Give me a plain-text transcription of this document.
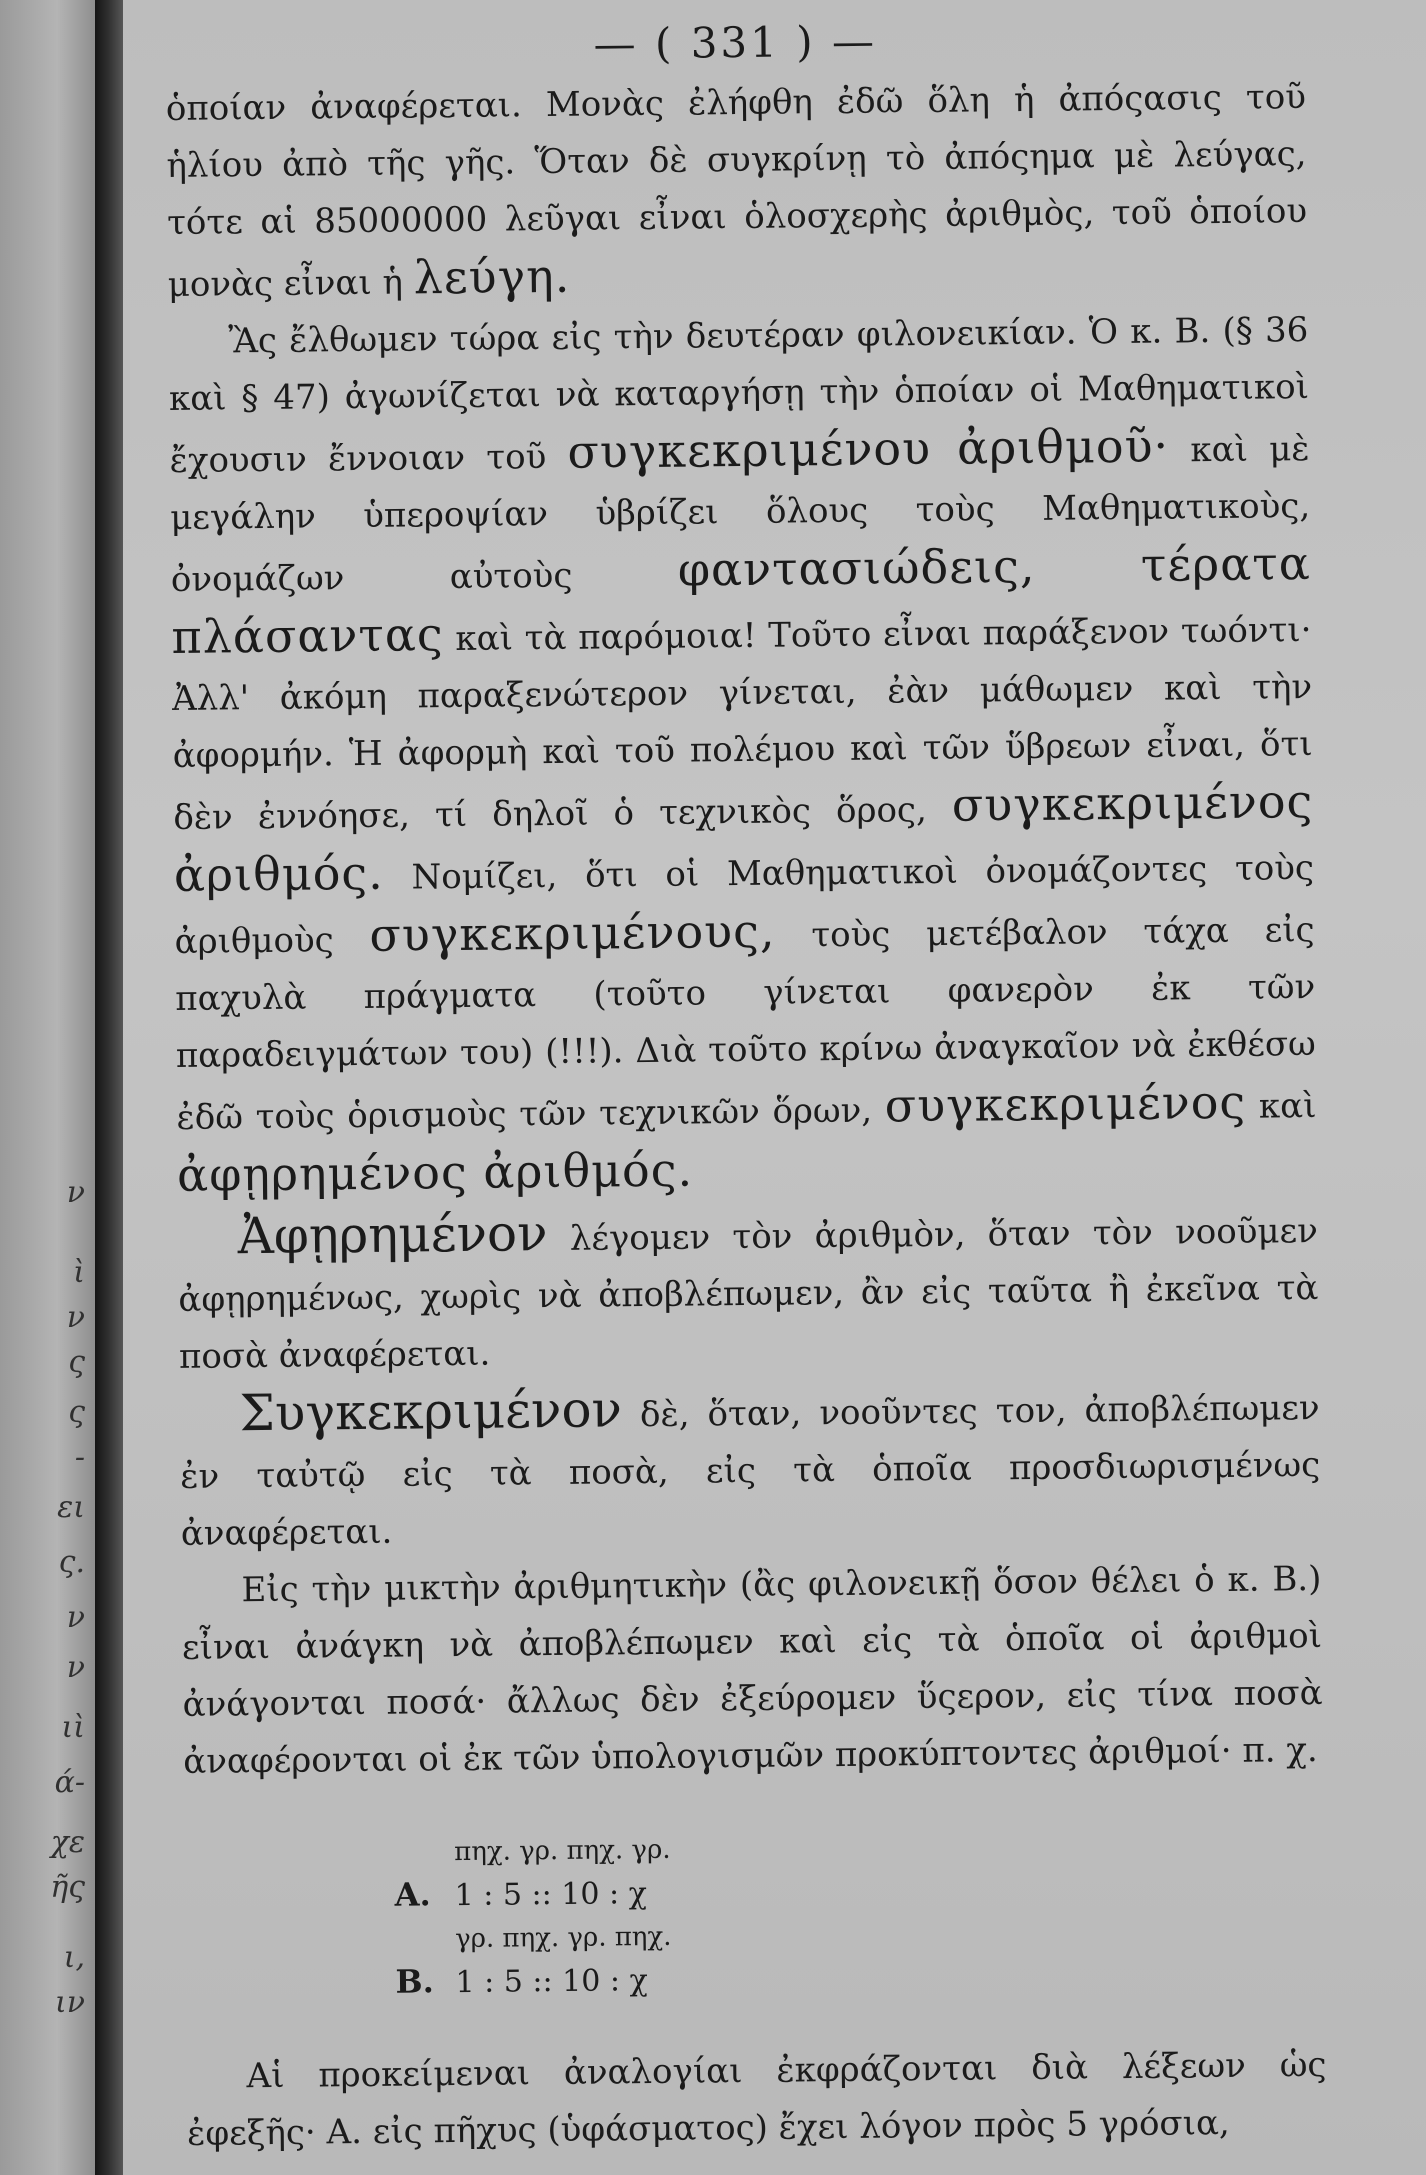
ν
ὶ
ν
ς
ς
-
ει
ς.
ν
ν
ιὶ
ά-
χε
ῆς
ι,
ιν
— ( 331 ) —

ὁποίαν ἀναφέρεται. Μονὰς ἐλήφθη ἐδῶ ὅλη ἡ ἀπόςασις τοῦ ἡλίου ἀπὸ τῆς γῆς. Ὅταν δὲ συγκρίνῃ τὸ ἀπόςημα μὲ λεύγας, τότε αἱ 85000000 λεῦγαι εἶναι ὁλοσχερὴς ἀριθμὸς, τοῦ ὁποίου μονὰς εἶναι ἡ λεύγη.

Ἂς ἔλθωμεν τώρα εἰς τὴν δευτέραν φιλονεικίαν. Ὁ κ. Β. (§ 36 καὶ § 47) ἀγωνίζεται νὰ καταργήσῃ τὴν ὁποίαν οἱ Μαθηματικοὶ ἔχουσιν ἔννοιαν τοῦ συγκεκριμένου ἀριθμοῦ· καὶ μὲ μεγάλην ὑπεροψίαν ὑβρίζει ὅλους τοὺς Μαθηματικοὺς, ὀνομάζων αὐτοὺς φαντασιώδεις, τέρατα πλάσαντας καὶ τὰ παρόμοια! Τοῦτο εἶναι παράξενον τωόντι· Ἀλλ' ἀκόμη παραξενώτερον γίνεται, ἐὰν μάθωμεν καὶ τὴν ἀφορμήν. Ἡ ἀφορμὴ καὶ τοῦ πολέμου καὶ τῶν ὕβρεων εἶναι, ὅτι δὲν ἐννόησε, τί δηλοῖ ὁ τεχνικὸς ὅρος, συγκεκριμένος ἀριθμός. Νομίζει, ὅτι οἱ Μαθηματικοὶ ὀνομάζοντες τοὺς ἀριθμοὺς συγκεκριμένους, τοὺς μετέβαλον τάχα εἰς παχυλὰ πράγματα (τοῦτο γίνεται φανερὸν ἐκ τῶν παραδειγμάτων του) (!!!). Διὰ τοῦτο κρίνω ἀναγκαῖον νὰ ἐκθέσω ἐδῶ τοὺς ὁρισμοὺς τῶν τεχνικῶν ὅρων, συγκεκριμένος καὶ ἀφῃρημένος ἀριθμός.

Ἀφῃρημένον λέγομεν τὸν ἀριθμὸν, ὅταν τὸν νοοῦμεν ἀφῃρημένως, χωρὶς νὰ ἀποβλέπωμεν, ἂν εἰς ταῦτα ἢ ἐκεῖνα τὰ ποσὰ ἀναφέρεται.

Συγκεκριμένον δὲ, ὅταν, νοοῦντες τον, ἀποβλέπωμεν ἐν ταὐτῷ εἰς τὰ ποσὰ, εἰς τὰ ὁποῖα προσδιωρισμένως ἀναφέρεται.

Εἰς τὴν μικτὴν ἀριθμητικὴν (ἂς φιλονεικῇ ὅσον θέλει ὁ κ. Β.) εἶναι ἀνάγκη νὰ ἀποβλέπωμεν καὶ εἰς τὰ ὁποῖα οἱ ἀριθμοὶ ἀνάγονται ποσά· ἄλλως δὲν ἐξεύρομεν ὕςερον, εἰς τίνα ποσὰ ἀναφέρονται οἱ ἐκ τῶν ὑπολογισμῶν προκύπτοντες ἀριθμοί· π. χ.

πηχ. γρ. πηχ. γρ.
Α. 1 : 5 :: 10 : χ
γρ. πηχ. γρ. πηχ.
Β. 1 : 5 :: 10 : χ

Αἱ προκείμεναι ἀναλογίαι ἐκφράζονται διὰ λέξεων ὡς ἐφεξῆς· Α. εἰς πῆχυς (ὑφάσματος) ἔχει λόγον πρὸς 5 γρόσια,
